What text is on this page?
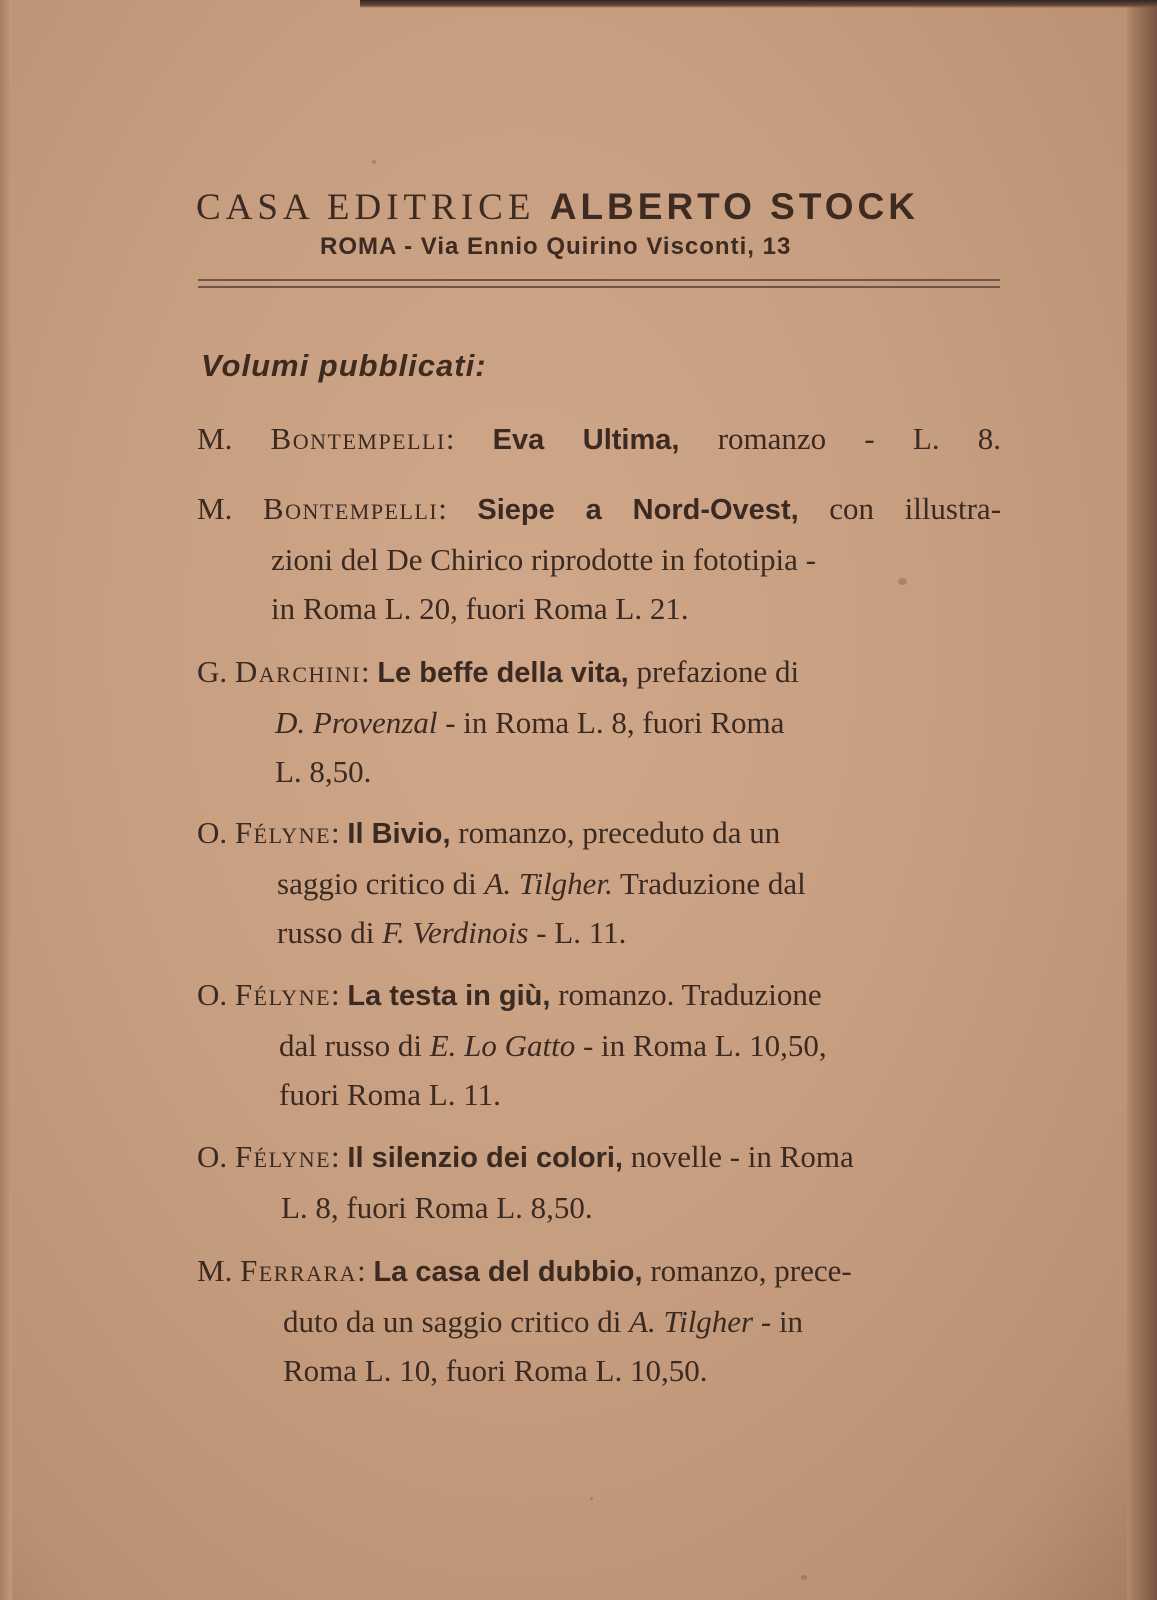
CASA EDITRICE ALBERTO STOCK
ROMA - Via Ennio Quirino Visconti, 13
Volumi pubblicati:
M. Bontempelli: Eva Ultima, romanzo - L. 8.
M. Bontempelli: Siepe a Nord-Ovest, con illustra-
zioni del De Chirico riprodotte in fototipia -
in Roma L. 20, fuori Roma L. 21.
G. Darchini: Le beffe della vita, prefazione di
D. Provenzal - in Roma L. 8, fuori Roma
L. 8,50.
O. Félyne: Il Bivio, romanzo, preceduto da un
saggio critico di A. Tilgher. Traduzione dal
russo di F. Verdinois - L. 11.
O. Félyne: La testa in giù, romanzo. Traduzione
dal russo di E. Lo Gatto - in Roma L. 10,50,
fuori Roma L. 11.
O. Félyne: Il silenzio dei colori, novelle - in Roma
L. 8, fuori Roma L. 8,50.
M. Ferrara: La casa del dubbio, romanzo, prece-
duto da un saggio critico di A. Tilgher - in
Roma L. 10, fuori Roma L. 10,50.
